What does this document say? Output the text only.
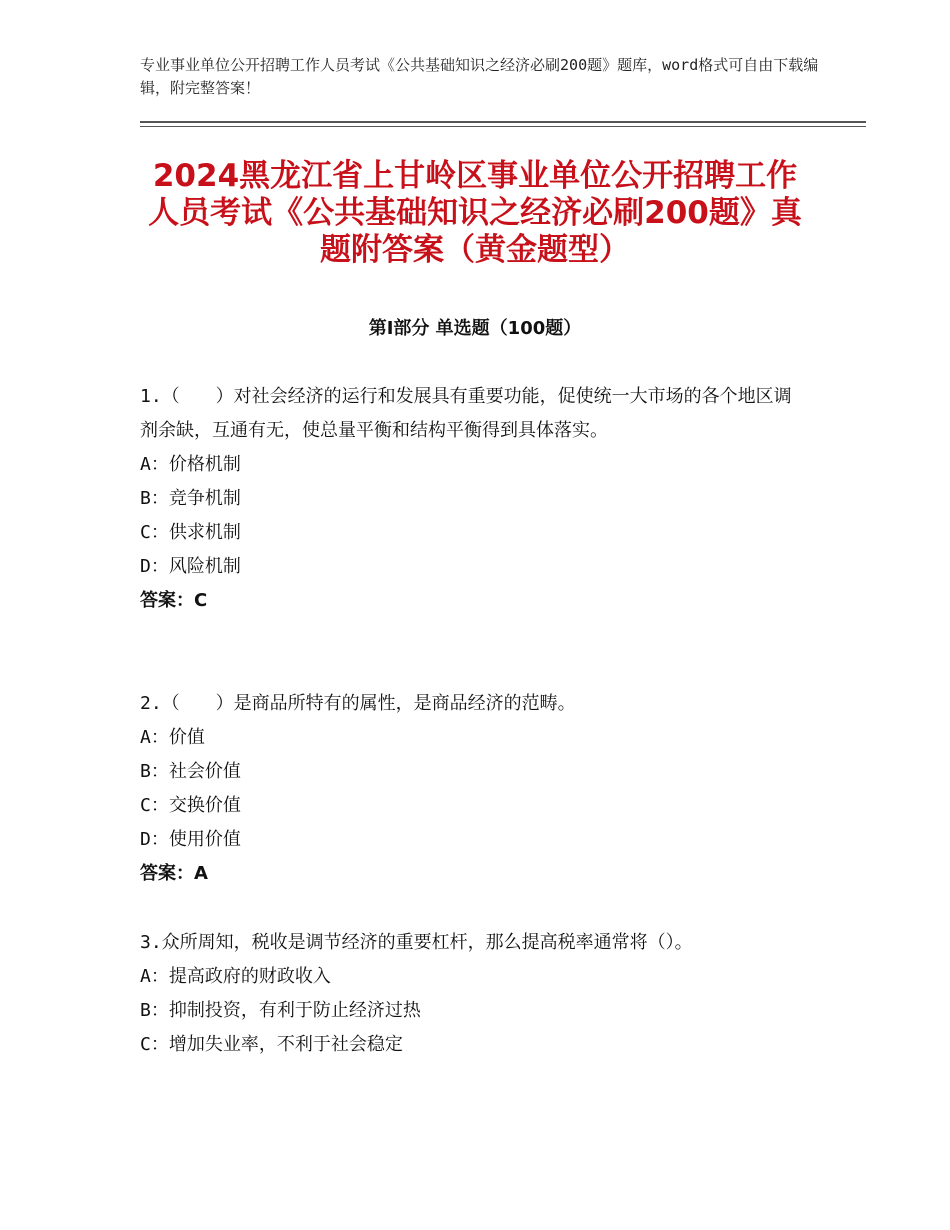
专业事业单位公开招聘工作人员考试《公共基础知识之经济必刷200题》题库，word格式可自由下载编辑，附完整答案！
2024黑龙江省上甘岭区事业单位公开招聘工作人员考试《公共基础知识之经济必刷200题》真题附答案（黄金题型）
第Ⅰ部分 单选题（100题）
1.（　　）对社会经济的运行和发展具有重要功能，促使统一大市场的各个地区调剂余缺，互通有无，使总量平衡和结构平衡得到具体落实。
A：价格机制
B：竞争机制
C：供求机制
D：风险机制
答案：C
2.（　　）是商品所特有的属性，是商品经济的范畴。
A：价值
B：社会价值
C：交换价值
D：使用价值
答案：A
3.众所周知，税收是调节经济的重要杠杆，那么提高税率通常将（）。
A：提高政府的财政收入
B：抑制投资，有利于防止经济过热
C：增加失业率，不利于社会稳定
